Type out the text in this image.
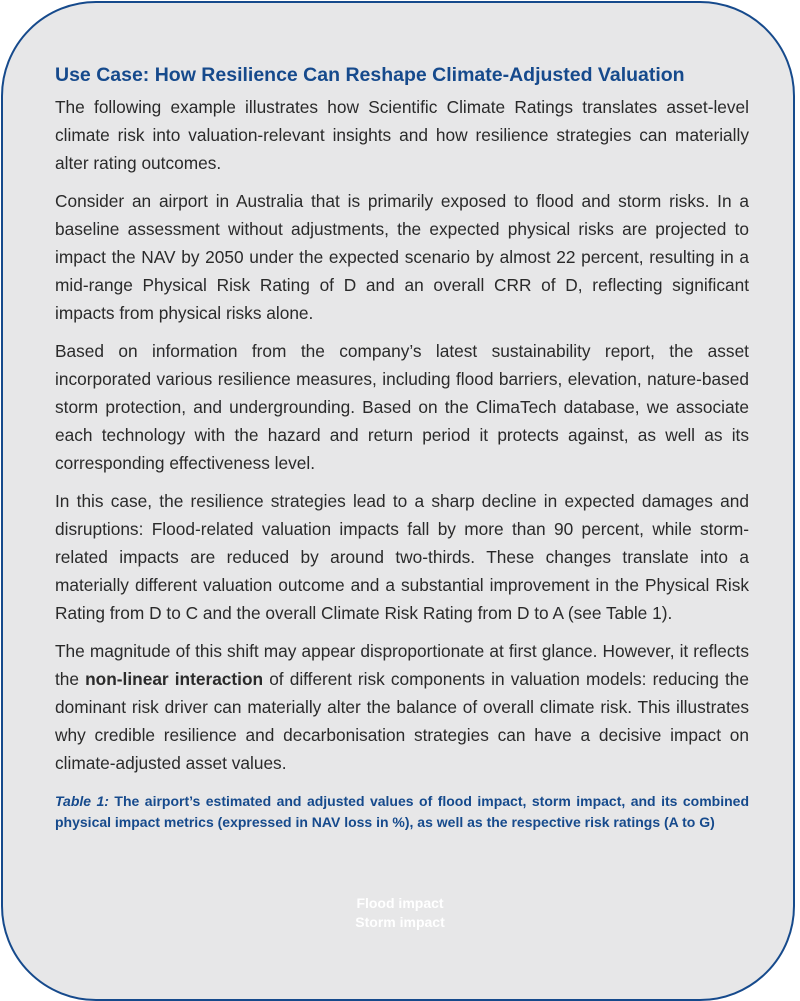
Use Case: How Resilience Can Reshape Climate-Adjusted Valuation

The following example illustrates how Scientific Climate Ratings translates asset-level climate risk into valuation-relevant insights and how resilience strategies can materially alter rating outcomes.

Consider an airport in Australia that is primarily exposed to flood and storm risks. In a baseline assessment without adjustments, the expected physical risks are projected to impact the NAV by 2050 under the expected scenario by almost 22 percent, resulting in a mid-range Physical Risk Rating of D and an overall CRR of D, reflecting significant impacts from physical risks alone.

Based on information from the company’s latest sustainability report, the asset incorporated various resilience measures, including flood barriers, elevation, nature-based storm protection, and undergrounding. Based on the ClimaTech database, we associate each technology with the hazard and return period it protects against, as well as its corresponding effectiveness level.

In this case, the resilience strategies lead to a sharp decline in expected damages and disruptions: Flood-related valuation impacts fall by more than 90 percent, while storm-related impacts are reduced by around two-thirds. These changes translate into a materially different valuation outcome and a substantial improvement in the Physical Risk Rating from D to C and the overall Climate Risk Rating from D to A (see Table 1).

The magnitude of this shift may appear disproportionate at first glance. However, it reflects the non-linear interaction of different risk components in valuation models: reducing the dominant risk driver can materially alter the balance of overall climate risk. This illustrates why credible resilience and decarbonisation strategies can have a decisive impact on climate-adjusted asset values.

Table 1: The airport’s estimated and adjusted values of flood impact, storm impact, and its combined physical impact metrics (expressed in NAV loss in %), as well as the respective risk ratings (A to G)

Flood impact
Storm impact
